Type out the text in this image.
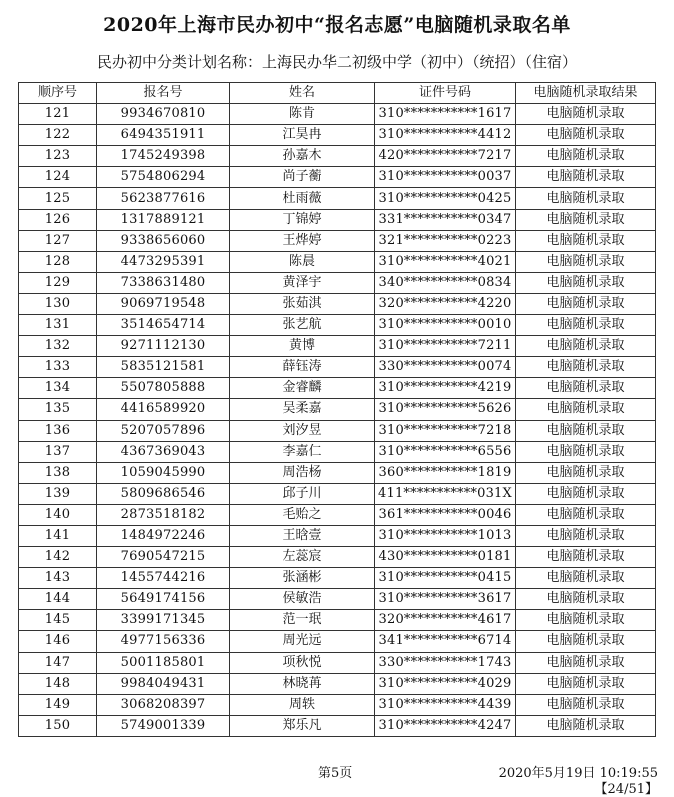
2020年上海市民办初中“报名志愿”电脑随机录取名单
民办初中分类计划名称：上海民办华二初级中学（初中）（统招）（住宿）
顺序号	报名号	姓名	证件号码	电脑随机录取结果
121	9934670810	陈肯	310***********1617	电脑随机录取
122	6494351911	江昊冉	310***********4412	电脑随机录取
123	1745249398	孙嘉木	420***********7217	电脑随机录取
124	5754806294	尚子蘅	310***********0037	电脑随机录取
125	5623877616	杜雨薇	310***********0425	电脑随机录取
126	1317889121	丁锦婷	331***********0347	电脑随机录取
127	9338656060	王烨婷	321***********0223	电脑随机录取
128	4473295391	陈晨	310***********4021	电脑随机录取
129	7338631480	黄泽宇	340***********0834	电脑随机录取
130	9069719548	张茹淇	320***********4220	电脑随机录取
131	3514654714	张艺航	310***********0010	电脑随机录取
132	9271112130	黄博	310***********7211	电脑随机录取
133	5835121581	薛钰涛	330***********0074	电脑随机录取
134	5507805888	金睿麟	310***********4219	电脑随机录取
135	4416589920	吴柔嘉	310***********5626	电脑随机录取
136	5207057896	刘汐昱	310***********7218	电脑随机录取
137	4367369043	李嘉仁	310***********6556	电脑随机录取
138	1059045990	周浩杨	360***********1819	电脑随机录取
139	5809686546	邱子川	411***********031X	电脑随机录取
140	2873518182	毛贻之	361***********0046	电脑随机录取
141	1484972246	王晗壹	310***********1013	电脑随机录取
142	7690547215	左蕊宸	430***********0181	电脑随机录取
143	1455744216	张涵彬	310***********0415	电脑随机录取
144	5649174156	侯敏浩	310***********3617	电脑随机录取
145	3399171345	范一珉	320***********4617	电脑随机录取
146	4977156336	周光远	341***********6714	电脑随机录取
147	5001185801	项秋悦	330***********1743	电脑随机录取
148	9984049431	林晓苒	310***********4029	电脑随机录取
149	3068208397	周轶	310***********4439	电脑随机录取
150	5749001339	郑乐凡	310***********4247	电脑随机录取
第5页	2020年5月19日 10:19:55
【24/51】
